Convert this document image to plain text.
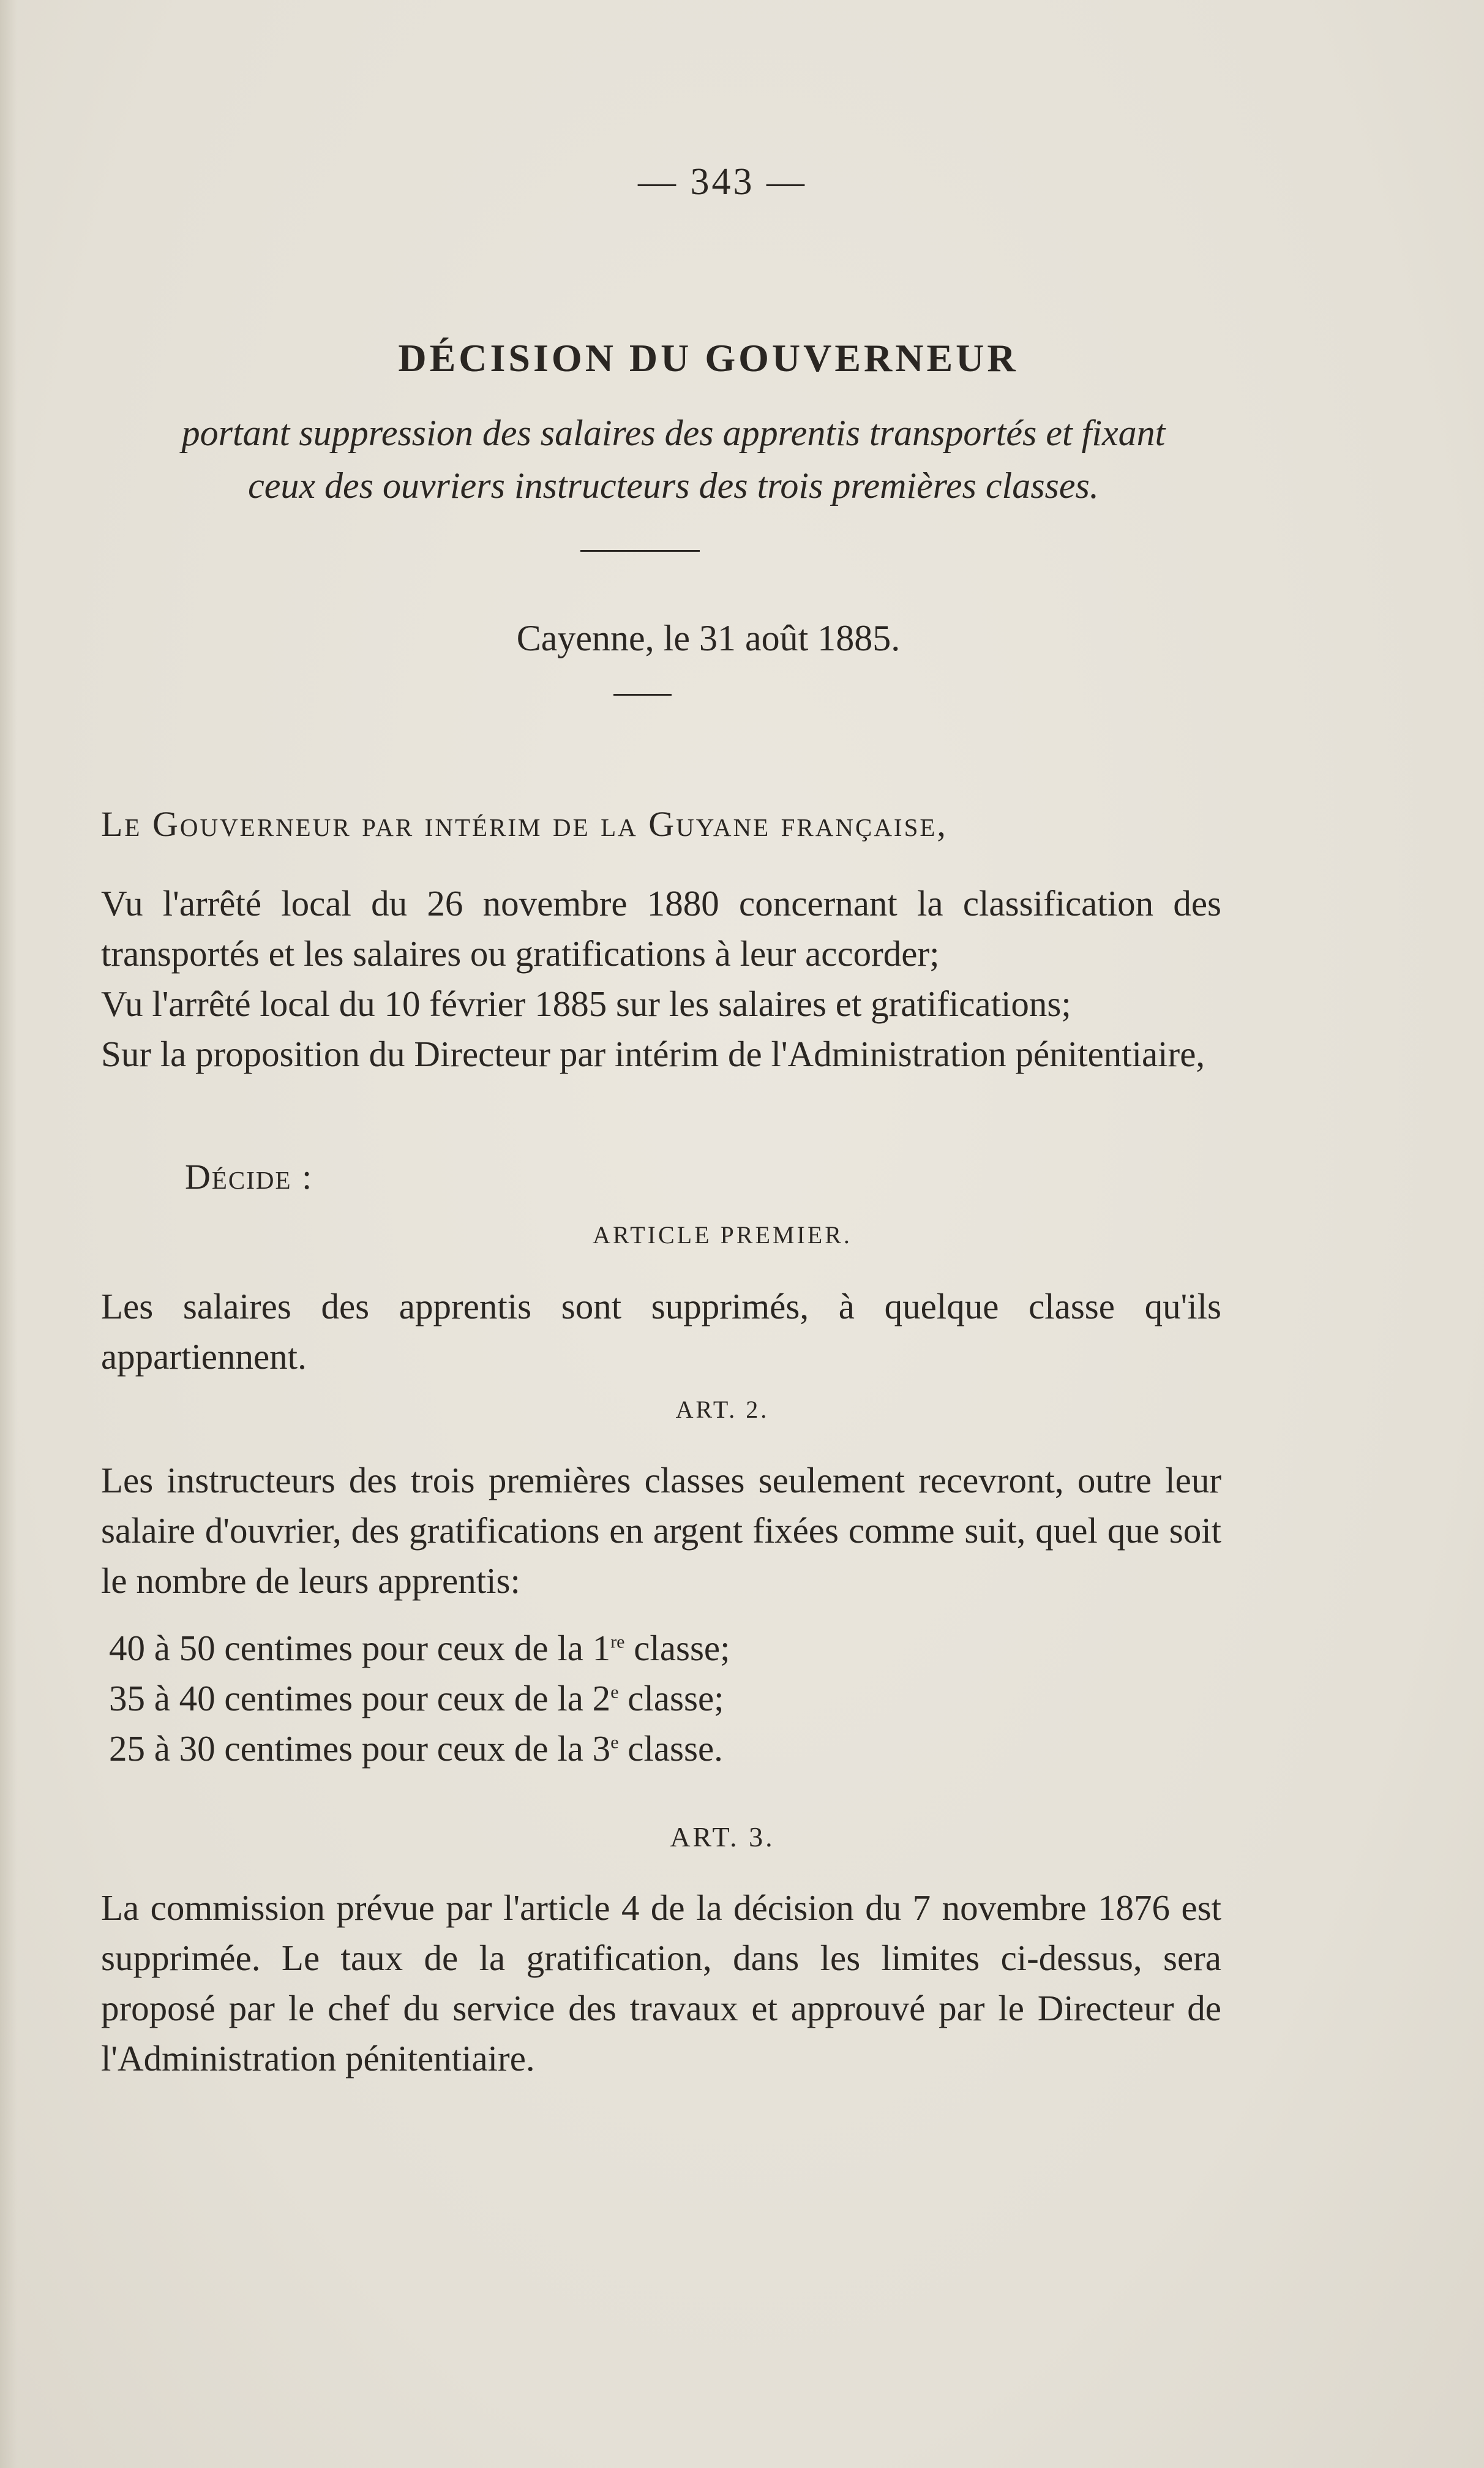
— 343 —
DÉCISION DU GOUVERNEUR
portant suppression des salaires des apprentis transportés et fixant
ceux des ouvriers instructeurs des trois premières classes.
Cayenne, le 31 août 1885.
Le Gouverneur par intérim de la Guyane française,
Vu l'arrêté local du 26 novembre 1880 concernant la classification des transportés et les salaires ou gratifications à leur accorder;
Vu l'arrêté local du 10 février 1885 sur les salaires et gratifications;
Sur la proposition du Directeur par intérim de l'Administration pénitentiaire,
Décide :
ARTICLE PREMIER.
Les salaires des apprentis sont supprimés, à quelque classe qu'ils appartiennent.
ART. 2.
Les instructeurs des trois premières classes seulement recevront, outre leur salaire d'ouvrier, des gratifications en argent fixées comme suit, quel que soit le nombre de leurs apprentis:
40 à 50 centimes pour ceux de la 1re classe;
35 à 40 centimes pour ceux de la 2e classe;
25 à 30 centimes pour ceux de la 3e classe.
ART. 3.
La commission prévue par l'article 4 de la décision du 7 novembre 1876 est supprimée. Le taux de la gratification, dans les limites ci-dessus, sera proposé par le chef du service des travaux et approuvé par le Directeur de l'Administration pénitentiaire.
